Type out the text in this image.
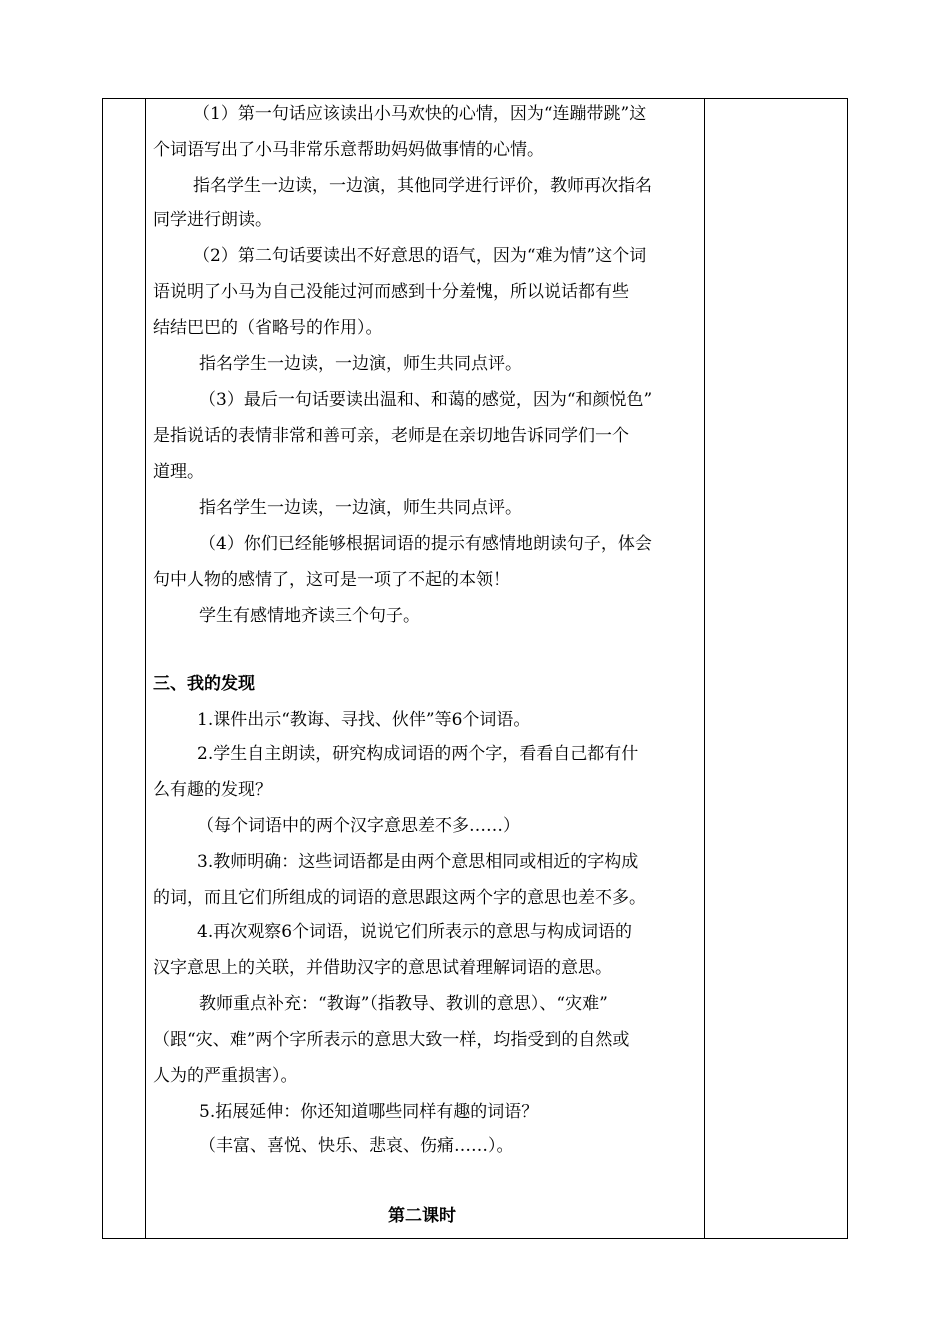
（1）第一句话应该读出小马欢快的心情，因为“连蹦带跳”这
个词语写出了小马非常乐意帮助妈妈做事情的心情。
指名学生一边读，一边演，其他同学进行评价，教师再次指名
同学进行朗读。
（2）第二句话要读出不好意思的语气，因为“难为情”这个词
语说明了小马为自己没能过河而感到十分羞愧，所以说话都有些
结结巴巴的（省略号的作用）。
指名学生一边读，一边演，师生共同点评。
（3）最后一句话要读出温和、和蔼的感觉，因为“和颜悦色”
是指说话的表情非常和善可亲，老师是在亲切地告诉同学们一个
道理。
指名学生一边读，一边演，师生共同点评。
（4）你们已经能够根据词语的提示有感情地朗读句子，体会
句中人物的感情了，这可是一项了不起的本领！
学生有感情地齐读三个句子。
三、我的发现
1.课件出示“教诲、寻找、伙伴”等6个词语。
2.学生自主朗读，研究构成词语的两个字，看看自己都有什
么有趣的发现？
（每个词语中的两个汉字意思差不多……）
3.教师明确：这些词语都是由两个意思相同或相近的字构成
的词，而且它们所组成的词语的意思跟这两个字的意思也差不多。
4.再次观察6个词语，说说它们所表示的意思与构成词语的
汉字意思上的关联，并借助汉字的意思试着理解词语的意思。
教师重点补充：“教诲”（指教导、教训的意思）、“灾难”
（跟“灾、难”两个字所表示的意思大致一样，均指受到的自然或
人为的严重损害）。
5.拓展延伸：你还知道哪些同样有趣的词语？
（丰富、喜悦、快乐、悲哀、伤痛……）。
第二课时
